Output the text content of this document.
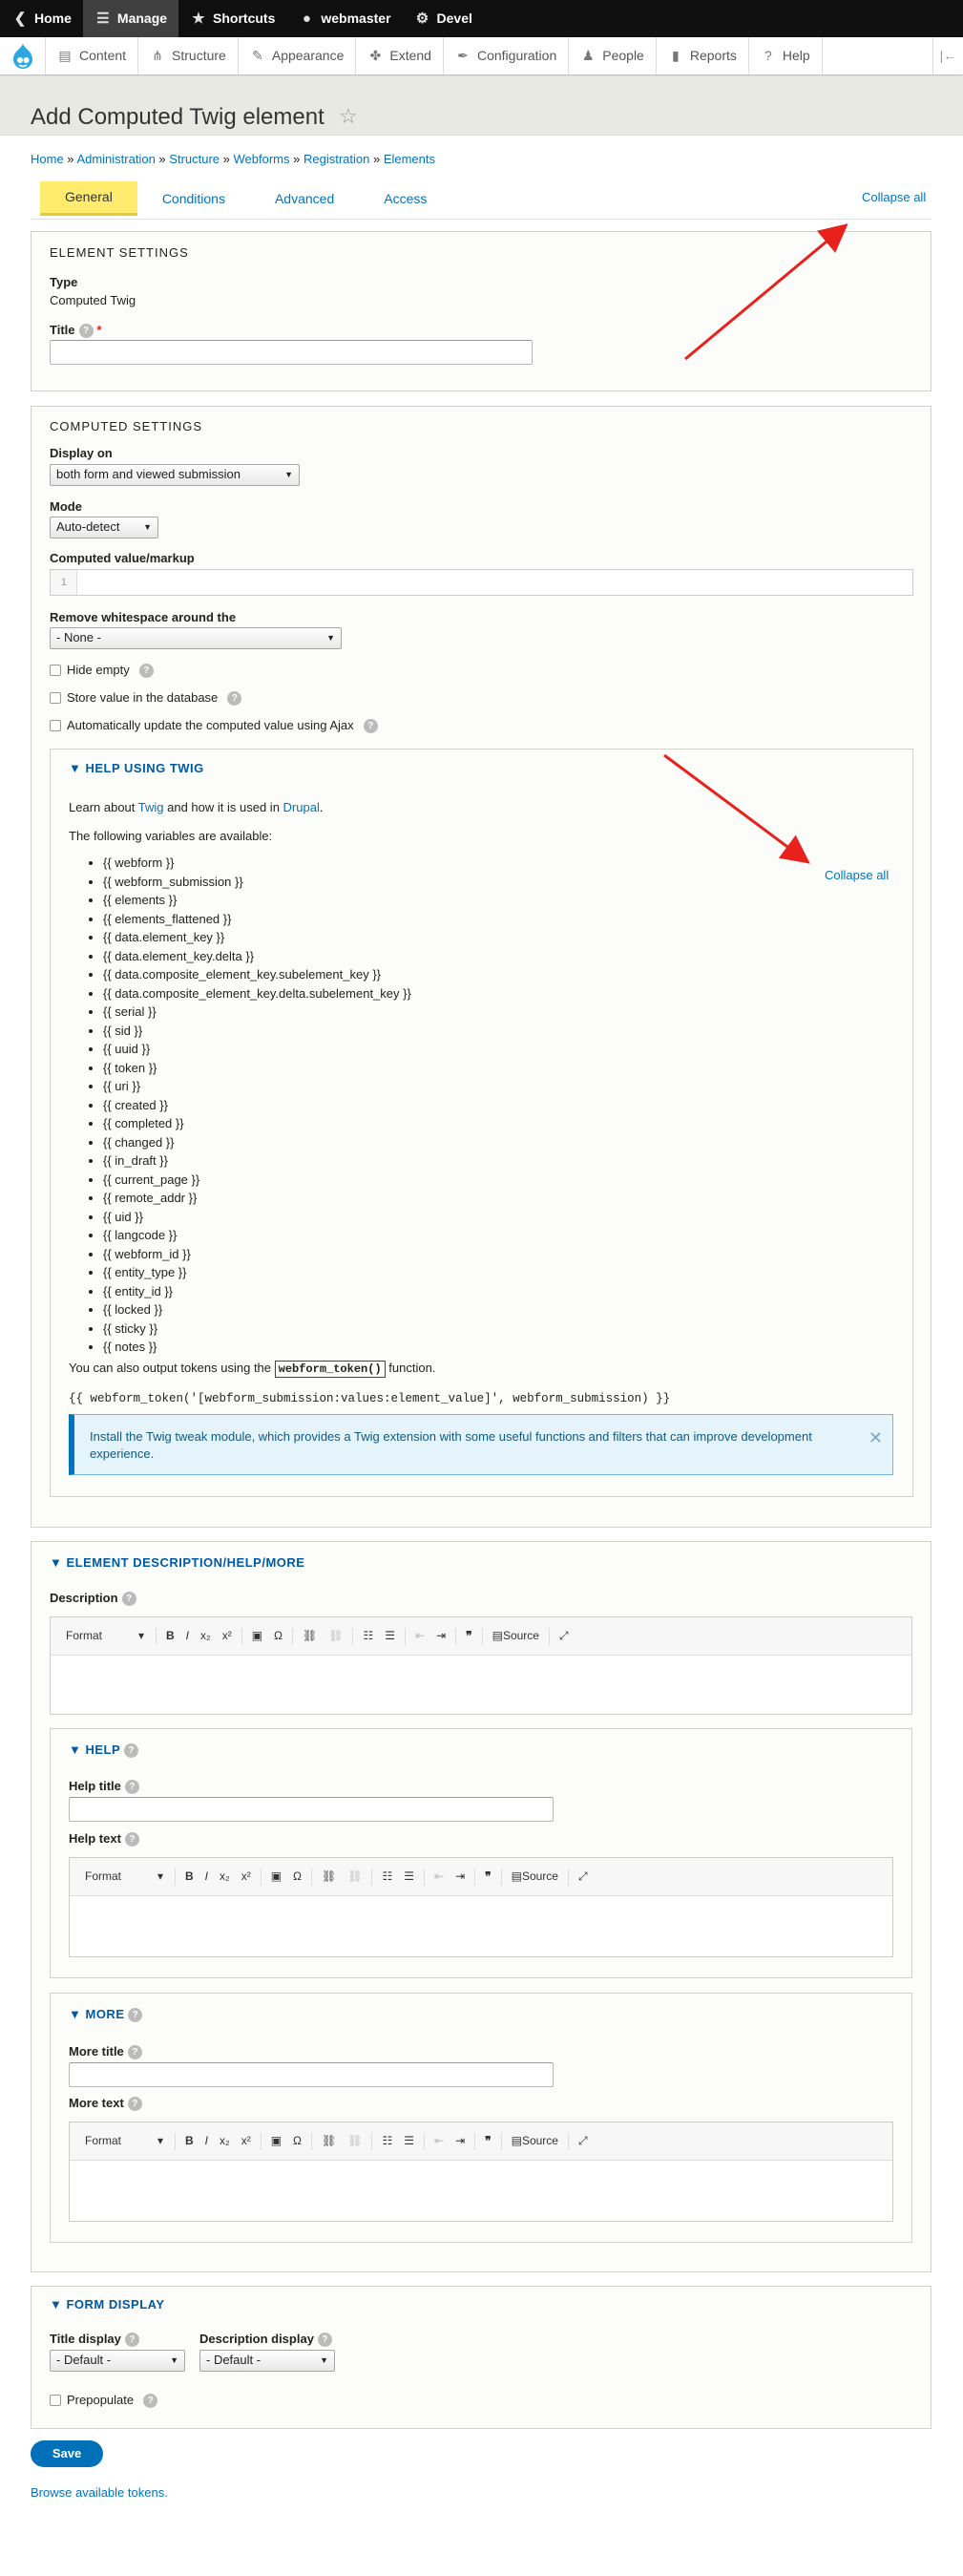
❮ Home ☰ Manage ★ Shortcuts ● webmaster ⚙ Devel
▤ Content ⋔ Structure ✎ Appearance ✤ Extend ✒ Configuration ♟ People ▮ Reports ? Help	|←
Add Computed Twig element ☆
Home » Administration » Structure » Webforms » Registration » Elements
General	Conditions	Advanced	Access	Collapse all
ELEMENT SETTINGS
Type
Computed Twig
Title ? *
COMPUTED SETTINGS
Display on
both form and viewed submission	▼
Mode
Auto-detect	▼
Computed value/markup
1
Remove whitespace around the
- None -	▼
Hide empty	?
Store value in the database	?
Automatically update the computed value using Ajax	?
▼ HELP USING TWIG
Collapse all
Learn about Twig and how it is used in Drupal.
The following variables are available:
• {{ webform }}
• {{ webform_submission }}
• {{ elements }}
• {{ elements_flattened }}
• {{ data.element_key }}
• {{ data.element_key.delta }}
• {{ data.composite_element_key.subelement_key }}
• {{ data.composite_element_key.delta.subelement_key }}
• {{ serial }}
• {{ sid }}
• {{ uuid }}
• {{ token }}
• {{ uri }}
• {{ created }}
• {{ completed }}
• {{ changed }}
• {{ in_draft }}
• {{ current_page }}
• {{ remote_addr }}
• {{ uid }}
• {{ langcode }}
• {{ webform_id }}
• {{ entity_type }}
• {{ entity_id }}
• {{ locked }}
• {{ sticky }}
• {{ notes }}
You can also output tokens using the webform_token() function.
{{ webform_token('[webform_submission:values:element_value]', webform_submission) }}
Install the Twig tweak module, which provides a Twig extension with some useful functions and filters that can improve development experience.
✕
▼ ELEMENT DESCRIPTION/HELP/MORE
Description ?
Format	▾	B	I	x₂	x²	▣	Ω	⛓	⛓	☷	☰	⇤	⇥	❞	▤ Source	⤢
▼ HELP ?
Help title ?
Help text ?
Format	▾	B	I	x₂	x²	▣	Ω	⛓	⛓	☷	☰	⇤	⇥	❞	▤ Source	⤢
▼ MORE ?
More title ?
More text ?
Format	▾	B	I	x₂	x²	▣	Ω	⛓	⛓	☷	☰	⇤	⇥	❞	▤ Source	⤢
▼ FORM DISPLAY
Title display ?
- Default -	▼
Description display ?
- Default -	▼
Prepopulate	?
Save
Browse available tokens.
